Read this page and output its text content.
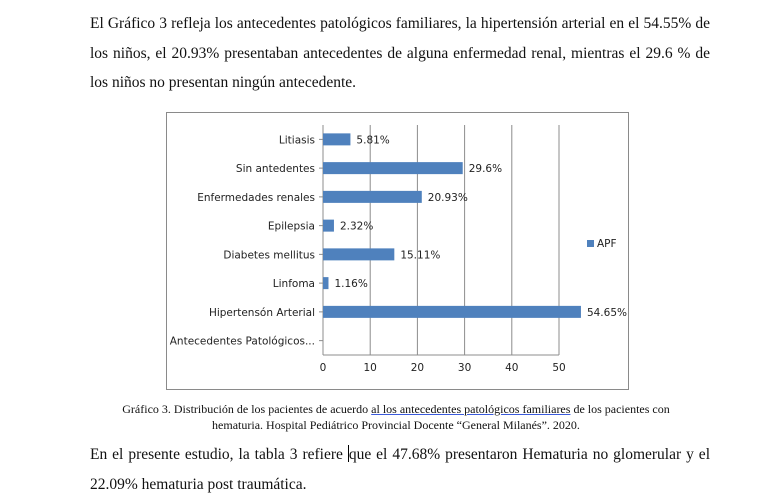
El Gráfico 3 refleja los antecedentes patológicos familiares, la hipertensión arterial en el 54.55% de los niños, el 20.93% presentaban antecedentes de alguna enfermedad renal, mientras el 29.6 % de los niños no presentan ningún antecedente.

0	10	20	30	40	50
Litiasis	5.81%
Sin antedentes	29.6%
Enfermedades renales	20.93%
Epilepsia 2.32%
Diabetes mellitus	15.11%
Linfoma 1.16%
Hipertensón Arterial	54.65%
Antecedentes Patológicos...
APF

Gráfico 3. Distribución de los pacientes de acuerdo al los antecedentes patológicos familiares de los pacientes con hematuria. Hospital Pediátrico Provincial Docente “General Milanés”. 2020.

En el presente estudio, la tabla 3 refiere que el 47.68% presentaron Hematuria no glomerular y el 22.09% hematuria post traumática.
